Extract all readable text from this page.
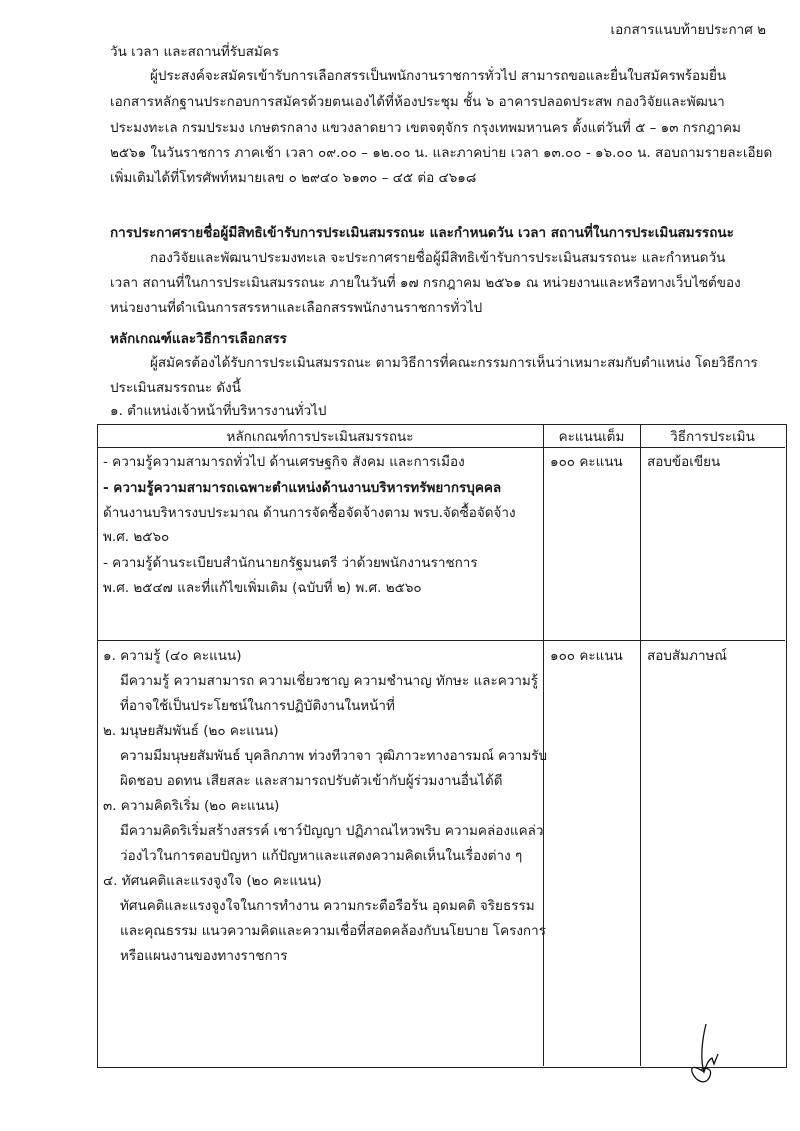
เอกสารแนบท้ายประกาศ ๒
วัน เวลา และสถานที่รับสมัคร
ผู้ประสงค์จะสมัครเข้ารับการเลือกสรรเป็นพนักงานราชการทั่วไป สามารถขอและยื่นใบสมัครพร้อมยื่น
เอกสารหลักฐานประกอบการสมัครด้วยตนเองได้ที่ห้องประชุม ชั้น ๖ อาคารปลอดประสพ กองวิจัยและพัฒนา
ประมงทะเล กรมประมง เกษตรกลาง แขวงลาดยาว เขตจตุจักร กรุงเทพมหานคร ตั้งแต่วันที่ ๕ – ๑๓ กรกฎาคม
๒๕๖๑ ในวันราชการ ภาคเช้า เวลา ๐๙.๐๐ – ๑๒.๐๐ น. และภาคบ่าย เวลา ๑๓.๐๐ - ๑๖.๐๐ น. สอบถามรายละเอียด
เพิ่มเติมได้ที่โทรศัพท์หมายเลข ๐ ๒๙๔๐ ๖๑๓๐ – ๔๕ ต่อ ๔๖๑๘
การประกาศรายชื่อผู้มีสิทธิเข้ารับการประเมินสมรรถนะ และกำหนดวัน เวลา สถานที่ในการประเมินสมรรถนะ
กองวิจัยและพัฒนาประมงทะเล จะประกาศรายชื่อผู้มีสิทธิเข้ารับการประเมินสมรรถนะ และกำหนดวัน
เวลา สถานที่ในการประเมินสมรรถนะ ภายในวันที่ ๑๗ กรกฎาคม ๒๕๖๑ ณ หน่วยงานและหรือทางเว็บไซต์ของ
หน่วยงานที่ดำเนินการสรรหาและเลือกสรรพนักงานราชการทั่วไป
หลักเกณฑ์และวิธีการเลือกสรร
ผู้สมัครต้องได้รับการประเมินสมรรถนะ ตามวิธีการที่คณะกรรมการเห็นว่าเหมาะสมกับตำแหน่ง โดยวิธีการ
ประเมินสมรรถนะ ดังนี้
๑. ตำแหน่งเจ้าหน้าที่บริหารงานทั่วไป
หลักเกณฑ์การประเมินสมรรถนะ	คะแนนเต็ม	วิธีการประเมิน
- ความรู้ความสามารถทั่วไป ด้านเศรษฐกิจ สังคม และการเมือง
- ความรู้ความสามารถเฉพาะตำแหน่งด้านงานบริหารทรัพยากรบุคคล
ด้านงานบริหารงบประมาณ ด้านการจัดซื้อจัดจ้างตาม พรบ.จัดซื้อจัดจ้าง
พ.ศ. ๒๕๖๐
- ความรู้ด้านระเบียบสำนักนายกรัฐมนตรี ว่าด้วยพนักงานราชการ
พ.ศ. ๒๕๔๗ และที่แก้ไขเพิ่มเติม (ฉบับที่ ๒) พ.ศ. ๒๕๖๐
๑๐๐ คะแนน สอบข้อเขียน
๑. ความรู้ (๔๐ คะแนน)
มีความรู้ ความสามารถ ความเชี่ยวชาญ ความชำนาญ ทักษะ และความรู้
ที่อาจใช้เป็นประโยชน์ในการปฏิบัติงานในหน้าที่
๒. มนุษยสัมพันธ์ (๒๐ คะแนน)
ความมีมนุษยสัมพันธ์ บุคลิกภาพ ท่วงทีวาจา วุฒิภาวะทางอารมณ์ ความรับ
ผิดชอบ อดทน เสียสละ และสามารถปรับตัวเข้ากับผู้ร่วมงานอื่นได้ดี
๓. ความคิดริเริ่ม (๒๐ คะแนน)
มีความคิดริเริ่มสร้างสรรค์ เชาว์ปัญญา ปฏิภาณไหวพริบ ความคล่องแคล่ว
ว่องไวในการตอบปัญหา แก้ปัญหาและแสดงความคิดเห็นในเรื่องต่าง ๆ
๔. ทัศนคติและแรงจูงใจ (๒๐ คะแนน)
ทัศนคติและแรงจูงใจในการทำงาน ความกระตือรือร้น อุดมคติ จริยธรรม
และคุณธรรม แนวความคิดและความเชื่อที่สอดคล้องกับนโยบาย โครงการ
หรือแผนงานของทางราชการ
๑๐๐ คะแนน สอบสัมภาษณ์
